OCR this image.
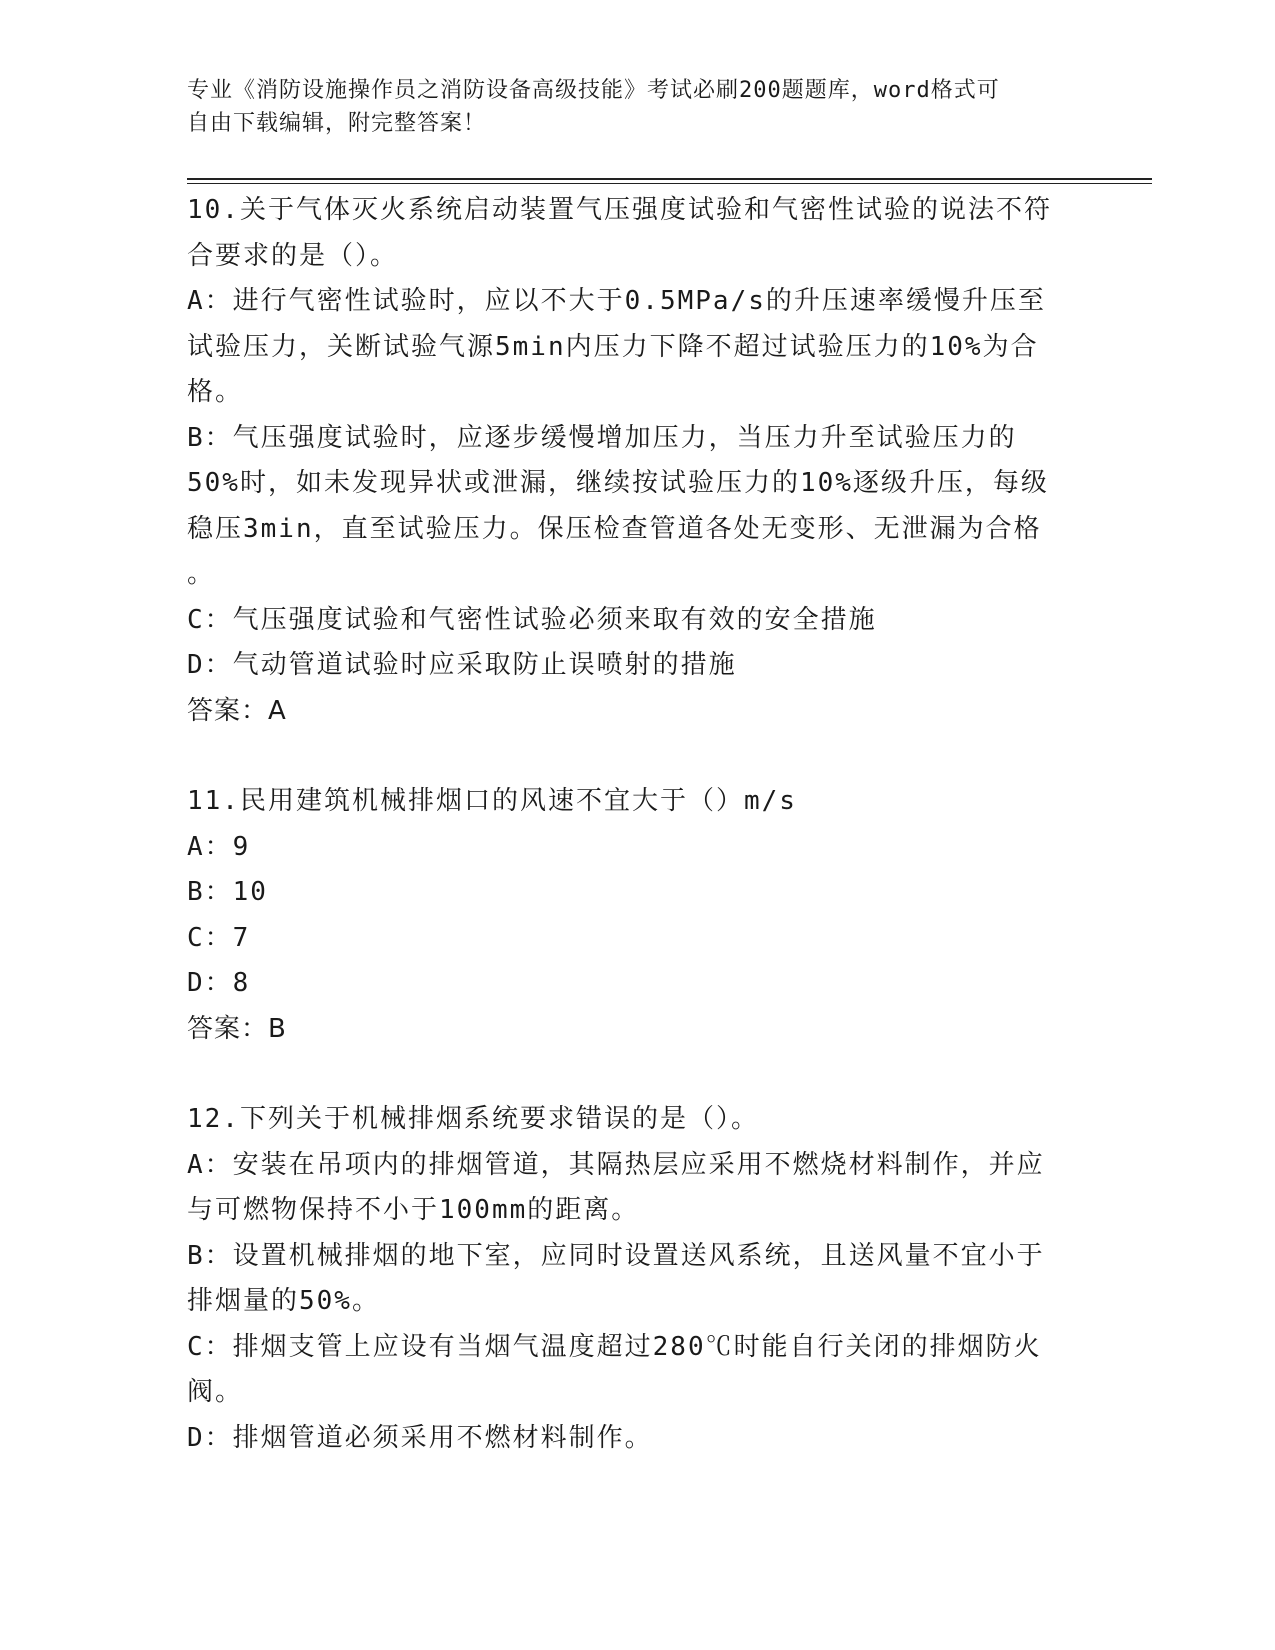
专业《消防设施操作员之消防设备高级技能》考试必刷200题题库，word格式可
自由下载编辑，附完整答案！

10.关于气体灭火系统启动装置气压强度试验和气密性试验的说法不符
合要求的是（）。

A：进行气密性试验时，应以不大于0.5MPa/s的升压速率缓慢升压至
试验压力，关断试验气源5min内压力下降不超过试验压力的10%为合
格。

B：气压强度试验时，应逐步缓慢增加压力，当压力升至试验压力的
50%时，如未发现异状或泄漏，继续按试验压力的10%逐级升压，每级
稳压3min，直至试验压力。保压检查管道各处无变形、无泄漏为合格
。

C：气压强度试验和气密性试验必须来取有效的安全措施

D：气动管道试验时应采取防止误喷射的措施

答案：A

11.民用建筑机械排烟口的风速不宜大于（）m/s

A：9

B：10

C：7

D：8

答案：B

12.下列关于机械排烟系统要求错误的是（）。

A：安装在吊项内的排烟管道，其隔热层应采用不燃烧材料制作，并应
与可燃物保持不小于100mm的距离。

B：设置机械排烟的地下室，应同时设置送风系统，且送风量不宜小于
排烟量的50%。

C：排烟支管上应设有当烟气温度超过280℃时能自行关闭的排烟防火
阀。

D：排烟管道必须采用不燃材料制作。
